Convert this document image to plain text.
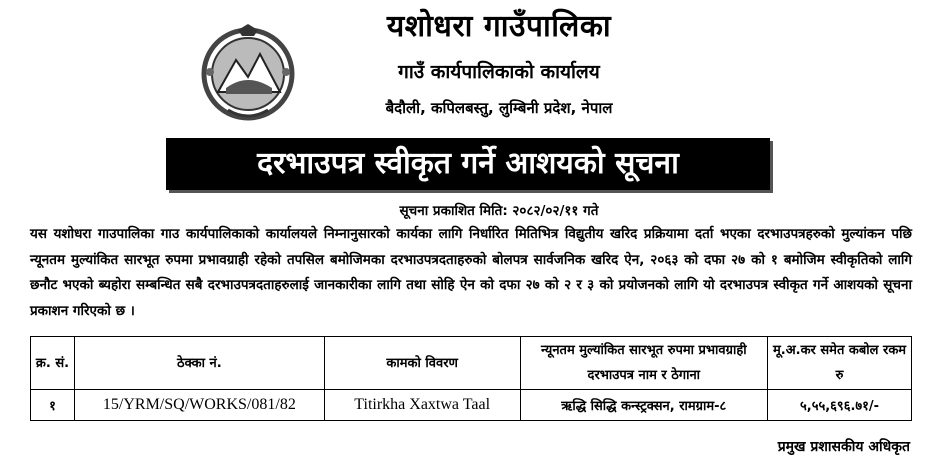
यशोधरा गाउँपालिका
गाउँ कार्यपालिकाको कार्यालय
बैदौली, कपिलबस्तु, लुम्बिनी प्रदेश, नेपाल
दरभाउपत्र स्वीकृत गर्ने आशयको सूचना
सूचना प्रकाशित मिति: २०८२/०२/११ गते
यस यशोधरा गाउपालिका गाउ कार्यपालिकाको कार्यालयले निम्नानुसारको कार्यका लागि निर्धारित मितिभित्र विद्युतीय खरिद प्रक्रियामा दर्ता भएका दरभाउपत्रहरुको मुल्यांकन पछि न्यूनतम मुल्यांकित सारभूत रुपमा प्रभावग्राही रहेको तपसिल बमोजिमका दरभाउपत्रदताहरुको बोलपत्र सार्वजनिक खरिद ऐन, २०६३ को दफा २७ को १ बमोजिम स्वीकृतिको लागि छनौट भएको ब्यहोरा सम्बन्धित सबै दरभाउपत्रदताहरुलाई जानकारीका लागि तथा सोहि ऐन को दफा २७ को २ र ३ को प्रयोजनको लागि यो दरभाउपत्र स्वीकृत गर्ने आशयको सूचना प्रकाशन गरिएको छ ।
क्र. सं.	ठेक्का नं.	कामको विवरण	न्यूनतम मुल्यांकित सारभूत रुपमा प्रभावग्राही दरभाउपत्र नाम र ठेगाना	मू.अ.कर समेत कबोल रकम रु
१	15/YRM/SQ/WORKS/081/82	Titirkha Xaxtwa Taal	ऋद्धि सिद्धि कन्स्ट्रक्सन, रामग्राम-८	५,५५,६९६.७१/-
प्रमुख प्रशासकीय अधिकृत
